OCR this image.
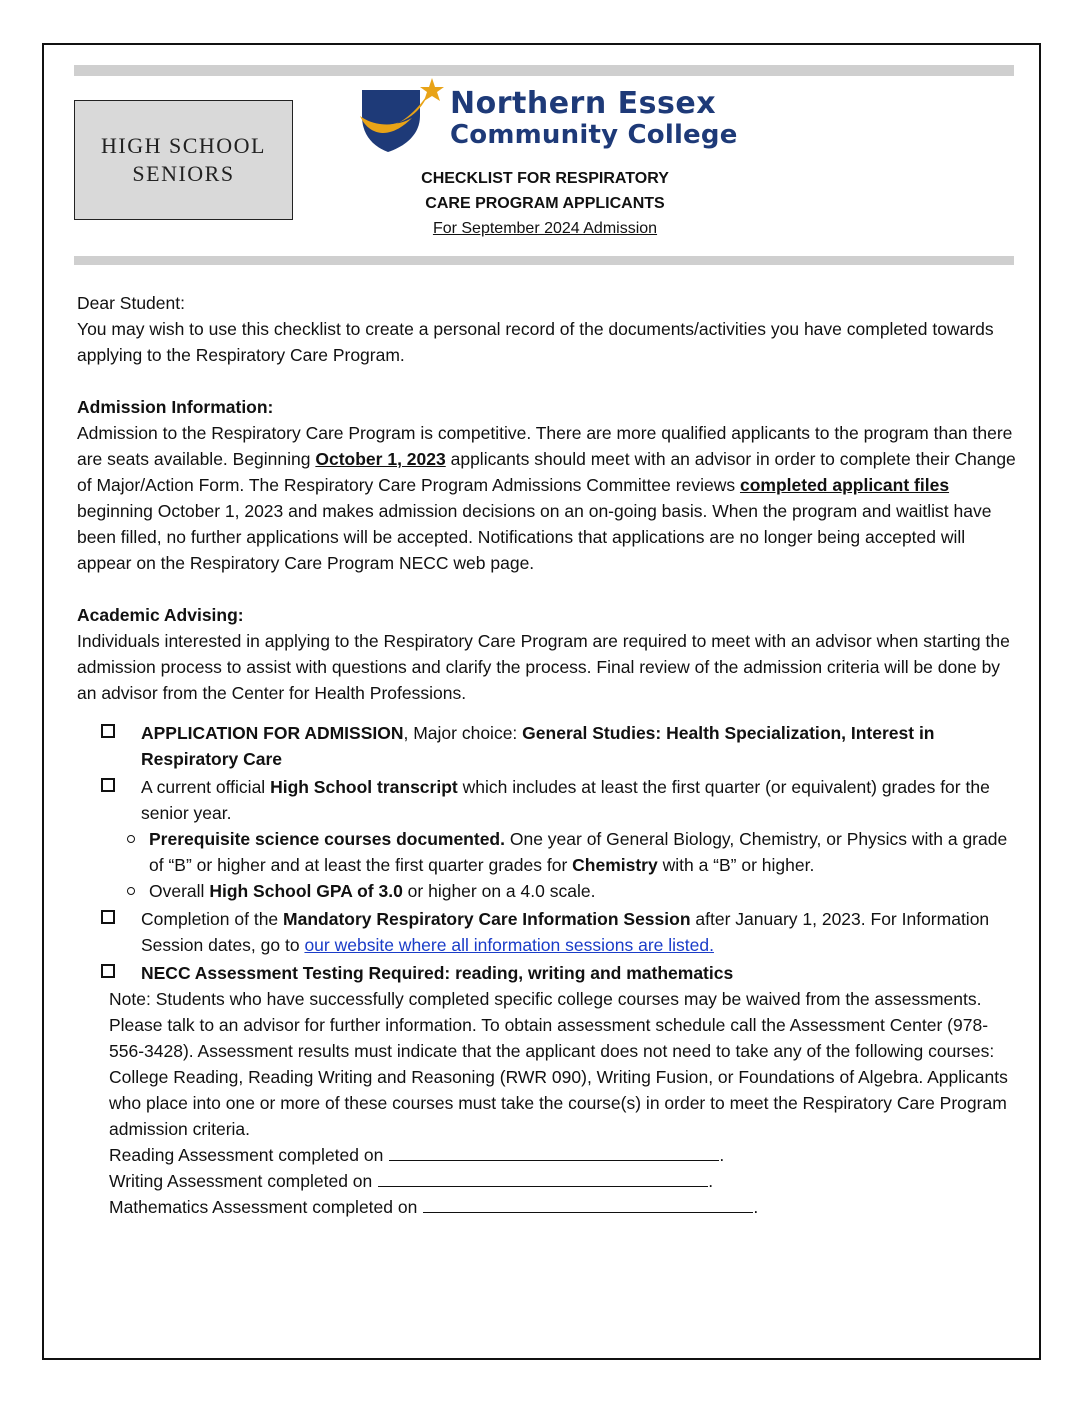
HIGH SCHOOL
SENIORS
Northern Essex
Community College
CHECKLIST FOR RESPIRATORY
CARE PROGRAM APPLICANTS
For September 2024 Admission

Dear Student:

You may wish to use this checklist to create a personal record of the documents/activities you have completed towards applying to the Respiratory Care Program.

Admission Information:

Admission to the Respiratory Care Program is competitive. There are more qualified applicants to the program than there are seats available. Beginning October 1, 2023 applicants should meet with an advisor in order to complete their Change of Major/Action Form. The Respiratory Care Program Admissions Committee reviews completed applicant files beginning October 1, 2023 and makes admission decisions on an on-going basis. When the program and waitlist have been filled, no further applications will be accepted. Notifications that applications are no longer being accepted will appear on the Respiratory Care Program NECC web page.

Academic Advising:

Individuals interested in applying to the Respiratory Care Program are required to meet with an advisor when starting the admission process to assist with questions and clarify the process. Final review of the admission criteria will be done by an advisor from the Center for Health Professions.

APPLICATION FOR ADMISSION, Major choice: General Studies: Health Specialization, Interest in Respiratory Care
A current official High School transcript which includes at least the first quarter (or equivalent) grades for the senior year.
Prerequisite science courses documented. One year of General Biology, Chemistry, or Physics with a grade of “B” or higher and at least the first quarter grades for Chemistry with a “B” or higher.
Overall High School GPA of 3.0 or higher on a 4.0 scale.
Completion of the Mandatory Respiratory Care Information Session after January 1, 2023. For Information Session dates, go to our website where all information sessions are listed.
NECC Assessment Testing Required: reading, writing and mathematics

Note: Students who have successfully completed specific college courses may be waived from the assessments. Please talk to an advisor for further information. To obtain assessment schedule call the Assessment Center (978-556-3428). Assessment results must indicate that the applicant does not need to take any of the following courses: College Reading, Reading Writing and Reasoning (RWR 090), Writing Fusion, or Foundations of Algebra. Applicants who place into one or more of these courses must take the course(s) in order to meet the Respiratory Care Program admission criteria.

Reading Assessment completed on	.

Writing Assessment completed on	.

Mathematics Assessment completed on	.
